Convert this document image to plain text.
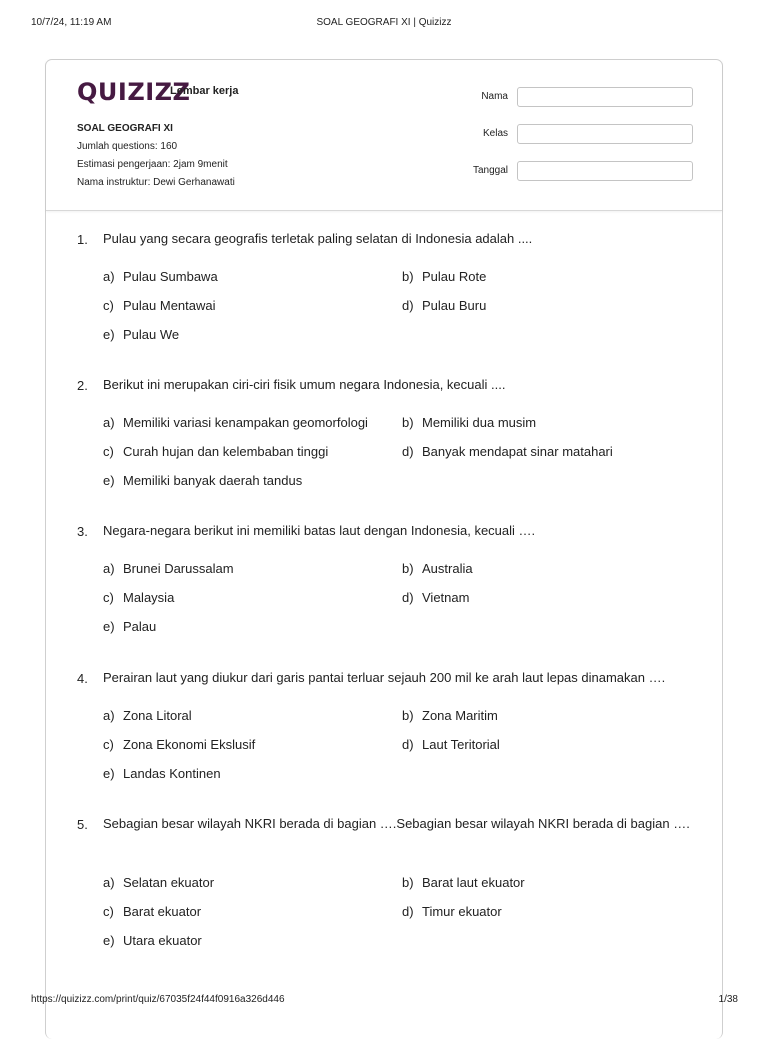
10/7/24, 11:19 AM	SOAL GEOGRAFI XI | Quizizz
QUIZIZZ
Lembar kerja
SOAL GEOGRAFI XI
Jumlah questions: 160
Estimasi pengerjaan: 2jam 9menit
Nama instruktur: Dewi Gerhanawati
Nama
Kelas
Tanggal
1. Pulau yang secara geografis terletak paling selatan di Indonesia adalah ....
a) Pulau Sumbawa	b) Pulau Rote
c) Pulau Mentawai	d) Pulau Buru
e) Pulau We
2. Berikut ini merupakan ciri-ciri fisik umum negara Indonesia, kecuali ....
a) Memiliki variasi kenampakan geomorfologi	b) Memiliki dua musim
c) Curah hujan dan kelembaban tinggi	d) Banyak mendapat sinar matahari
e) Memiliki banyak daerah tandus
3. Negara-negara berikut ini memiliki batas laut dengan Indonesia, kecuali ….
a) Brunei Darussalam	b) Australia
c) Malaysia	d) Vietnam
e) Palau
4. Perairan laut yang diukur dari garis pantai terluar sejauh 200 mil ke arah laut lepas dinamakan ….
a) Zona Litoral	b) Zona Maritim
c) Zona Ekonomi Ekslusif	d) Laut Teritorial
e) Landas Kontinen
5. Sebagian besar wilayah NKRI berada di bagian ….Sebagian besar wilayah NKRI berada di bagian ….
a) Selatan ekuator	b) Barat laut ekuator
c) Barat ekuator	d) Timur ekuator
e) Utara ekuator
https://quizizz.com/print/quiz/67035f24f44f0916a326d446	1/38
